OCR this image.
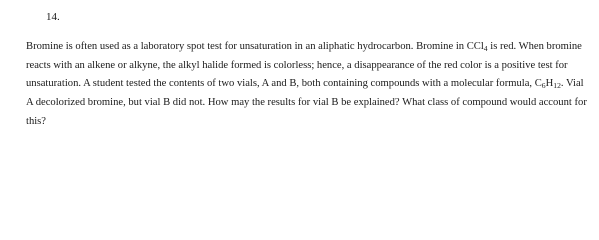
14.

Bromine is often used as a laboratory spot test for unsaturation in an aliphatic hydrocarbon. Bromine in CCl4 is red. When bromine reacts with an alkene or alkyne, the alkyl halide formed is colorless; hence, a disappearance of the red color is a positive test for unsaturation. A student tested the contents of two vials, A and B, both containing compounds with a molecular formula, C6H12. Vial A decolorized bromine, but vial B did not. How may the results for vial B be explained? What class of compound would account for this?
